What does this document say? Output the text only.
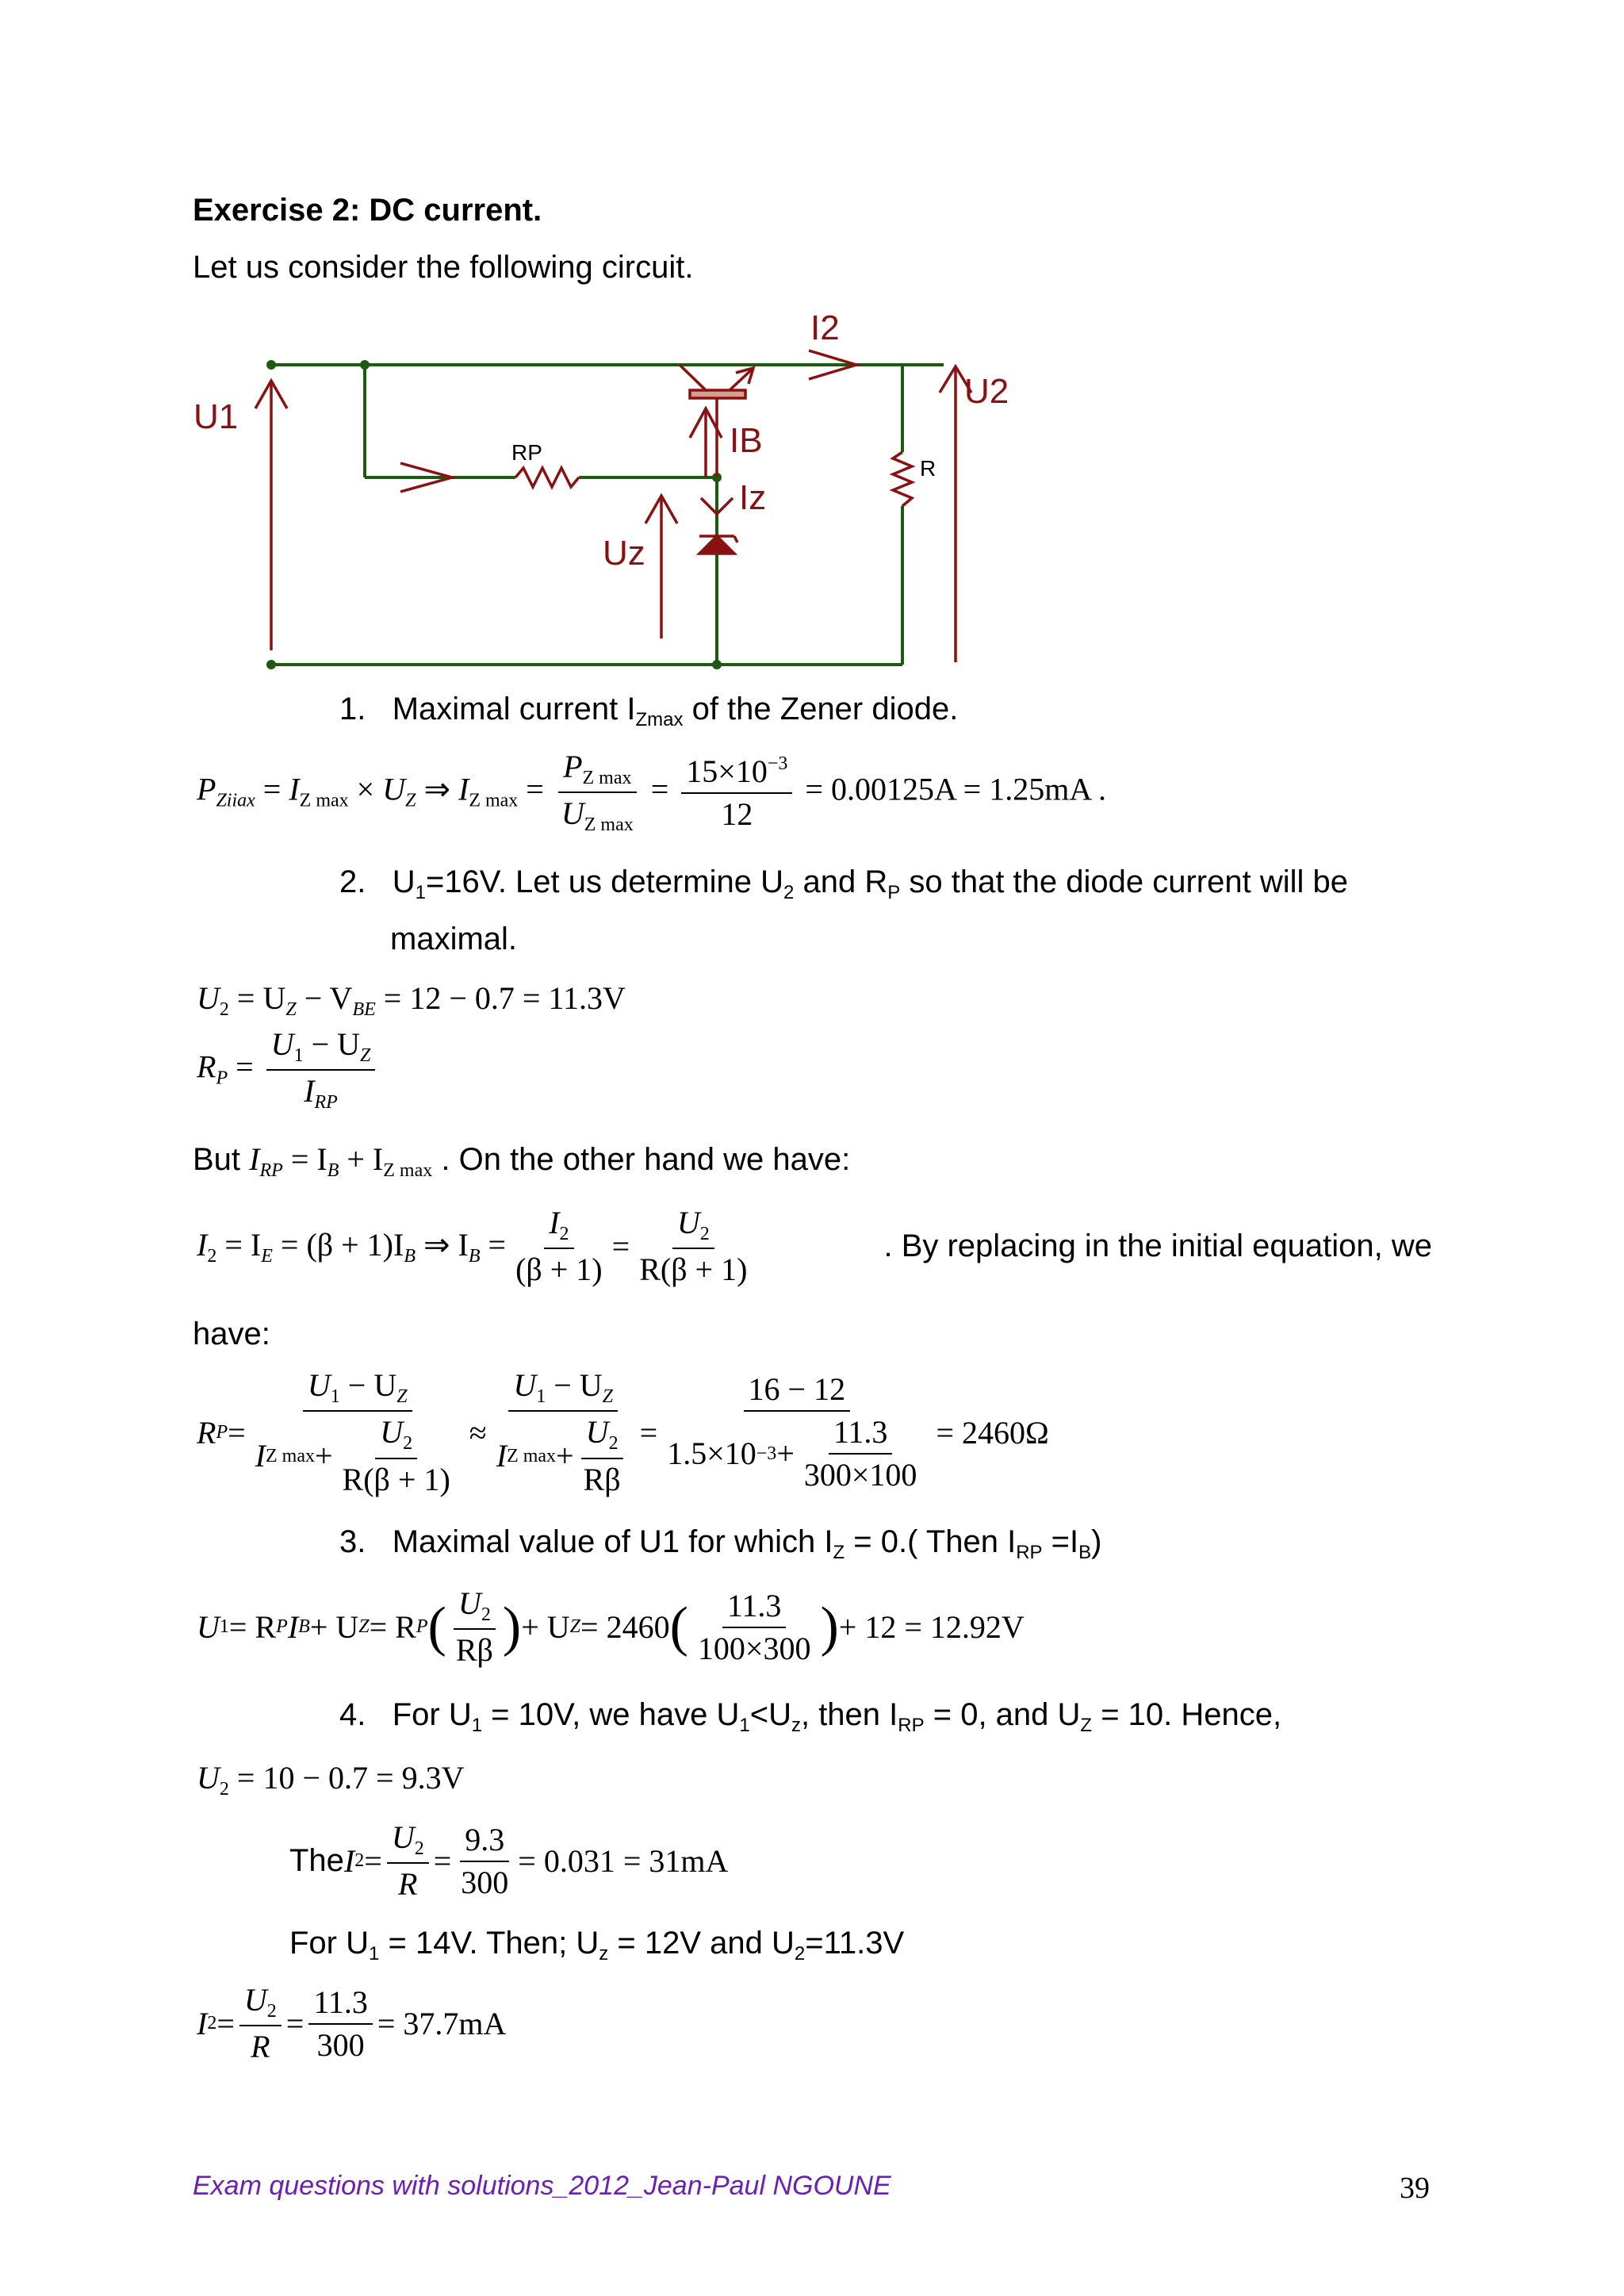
Exercise 2: DC current.
Let us consider the following circuit.
U1
U2
I2
IB
Iz
Uz
RP
R
1. Maximal current $I_{Zmax}$ of the Zener diode.
$P_{Ziiax} = I_{Z max} \times U_Z$ ⇒ $I_{Z max} = \frac{P_{Z max}}{U_{Z max}} = \frac{15\times 10^{-3}}{12} = 0.00125A = 1.25mA$ .
2. $U_1=16V$. Let us determine $U_2$ and $R_P$ so that the diode current will be
maximal.
$U_2 = U_Z - V_{BE} = 12 - 0.7 = 11.3V$
$R_P = \frac{U_1 - U_Z}{I_{RP}}$
But $I_{RP} = I_B + I_{Z max}$ . On the other hand we have:
$I_2 = I_E = (\beta + 1)I_B$ ⇒ $I_B = \frac{I_2}{(\beta + 1)} = \frac{U_2}{R(\beta + 1)}$	. By replacing in the initial equation, we
have:
R $P = \frac{U_1 - U_Z}{I Z \max + \frac{U_2}{R(\beta + 1)}} \approx \frac{U_1 - U_Z}{I Z \max + \frac{U_2}{R\beta}} = \frac{16 - 12}{1.5\times 10 -3 + \frac{11.3}{300\times 100}} = 2460\Omega$
3. Maximal value of U1 for which $I_Z = 0$.( Then $I_{RP} =I_B$)
U 1 = R P I B + U Z = R P ( $\frac{U_2}{R\beta}$ ) + U Z = 2460 ( $\frac{11.3}{100\times 300}$ ) + 12 = 12.92V
4. For $U_1 = 10V$, we have $U_1<U_z$, then $I_{RP} = 0$, and $U_Z = 10$. Hence,
$U_2 = 10 - 0.7 = 9.3V$
The I $2 = \frac{U_2}{R} = \frac{9.3}{300} = 0.031 = 31mA$
For $U_1 = 14V$. Then; $U_z = 12V$ and $U_2=11.3V$
I $2 = \frac{U_2}{R} = \frac{11.3}{300} = 37.7mA$
Exam questions with solutions_2012_Jean-Paul NGOUNE	39
